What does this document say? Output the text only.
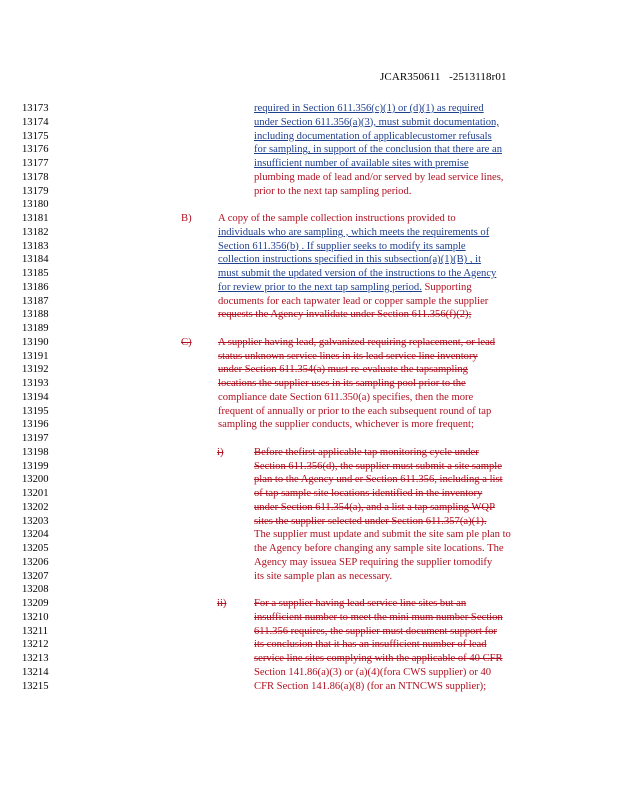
JCAR350611 -2513118r01
13173	required in Section 611.356(c)(1) or (d)(1) as required
13174	under Section 611.356(a)(3), must submit documentation,
13175	including documentation of applicablecustomer refusals
13176	for sampling, in support of the conclusion that there are an
13177	insufficient number of available sites with premise
13178	plumbing made of lead and/or served by lead service lines,
13179	prior to the next tap sampling period.
13180
13181	B) A copy of the sample collection instructions provided to
13182	individuals who are sampling , which meets the requirements of
13183	Section 611.356(b) . If supplier seeks to modify its sample
13184	collection instructions specified in this subsection(a)(1)(B) , it
13185	must submit the updated version of the instructions to the Agency
13186	for review prior to the next tap sampling period. Supporting
13187	documents for each tapwater lead or copper sample the supplier
13188	requests the Agency invalidate under Section 611.356(f)(2);
13189
13190	C) A supplier having lead, galvanized requiring replacement, or lead
13191	status unknown service lines in its lead service line inventory
13192	under Section 611.354(a) must re-evaluate the tapsampling
13193	locations the supplier uses in its sampling pool prior to the
13194	compliance date Section 611.350(a) specifies, then the more
13195	frequent of annually or prior to the each subsequent round of tap
13196	sampling the supplier conducts, whichever is more frequent;
13197
13198	i)	Before thefirst applicable tap monitoring cycle under
13199	Section 611.356(d), the supplier must submit a site sample
13200	plan to the Agency und er Section 611.356, including a list
13201	of tap sample site locations identified in the inventory
13202	under Section 611.354(a), and a list a tap sampling WQP
13203	sites the supplier selected under Section 611.357(a)(1).
13204	The supplier must update and submit the site sam ple plan to
13205	the Agency before changing any sample site locations. The
13206	Agency may issuea SEP requiring the supplier tomodify
13207	its site sample plan as necessary.
13208
13209	ii)	For a supplier having lead service line sites but an
13210	insufficient number to meet the mini mum number Section
13211	611.356 requires, the supplier must document support for
13212	its conclusion that it has an insufficient number of lead
13213	service line sites complying with the applicable of 40 CFR
13214	Section 141.86(a)(3) or (a)(4)(fora CWS supplier) or 40
13215	CFR Section 141.86(a)(8) (for an NTNCWS supplier);
